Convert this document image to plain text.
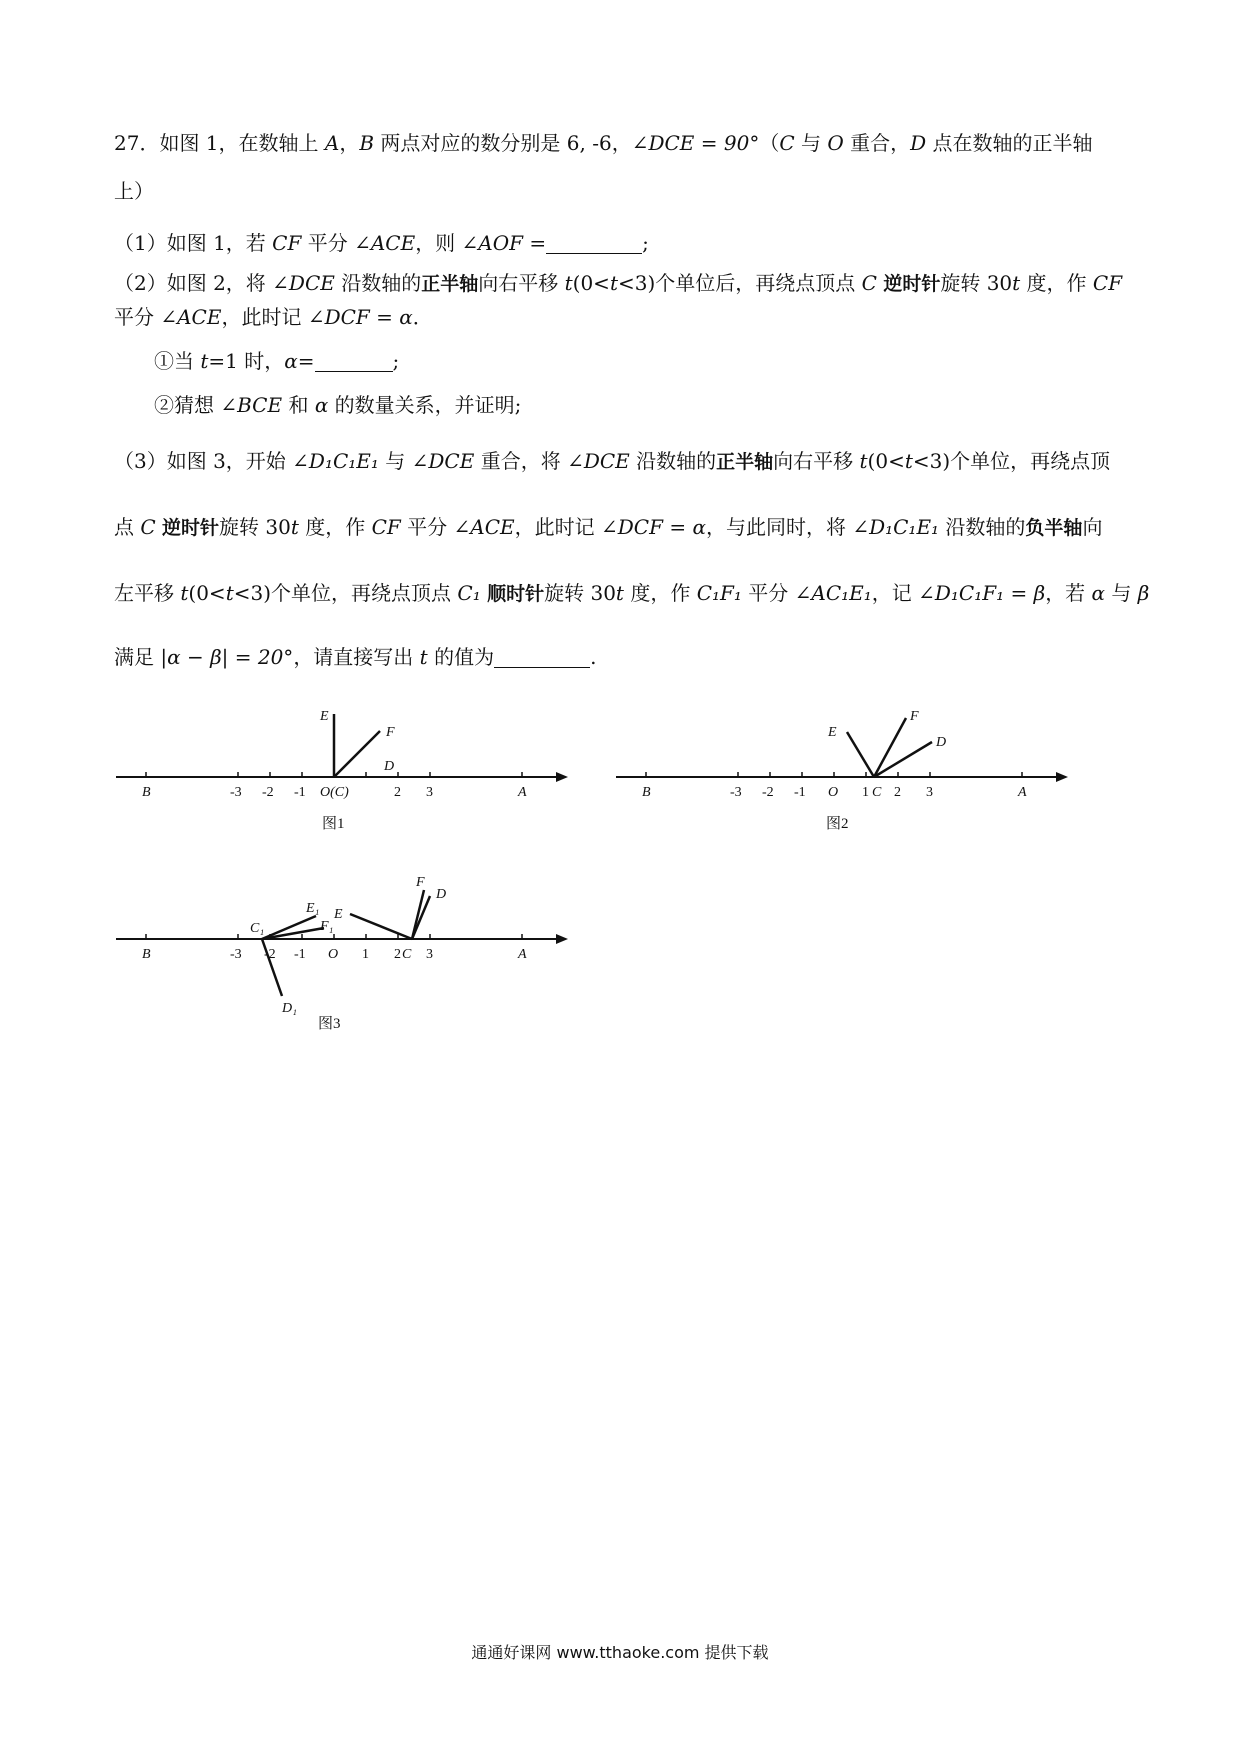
27．如图 1，在数轴上 A，B 两点对应的数分别是 6, -6，∠DCE = 90°（C 与 O 重合，D 点在数轴的正半轴
上）
（1）如图 1，若 CF 平分 ∠ACE，则 ∠AOF =	;
（2）如图 2，将 ∠DCE 沿数轴的正半轴向右平移 t(0<t<3)个单位后，再绕点顶点 C 逆时针旋转 30t 度，作 CF
平分 ∠ACE，此时记 ∠DCF = α．
①当 t=1 时，α=	;
②猜想 ∠BCE 和 α 的数量关系，并证明;
（3）如图 3，开始 ∠D₁C₁E₁ 与 ∠DCE 重合，将 ∠DCE 沿数轴的正半轴向右平移 t(0<t<3)个单位，再绕点顶
点 C 逆时针旋转 30t 度，作 CF 平分 ∠ACE，此时记 ∠DCF = α，与此同时，将 ∠D₁C₁E₁ 沿数轴的负半轴向
左平移 t(0<t<3)个单位，再绕点顶点 C₁ 顺时针旋转 30t 度，作 C₁F₁ 平分 ∠AC₁E₁，记 ∠D₁C₁F₁ = β，若 α 与 β
满足 |α − β| = 20°，请直接写出 t 的值为	.
E
F
D
B	-3 -2 -1 O(C)	2 3	A
图1
E
F
D
B	-3 -2 -1 O 1 C 2 3	A
图2
C₁
E₁
F₁
D₁
E
F
D
B	-3 -2 -1 O 1 2 C 3	A
图3
通通好课网 www.tthaoke.com 提供下载
